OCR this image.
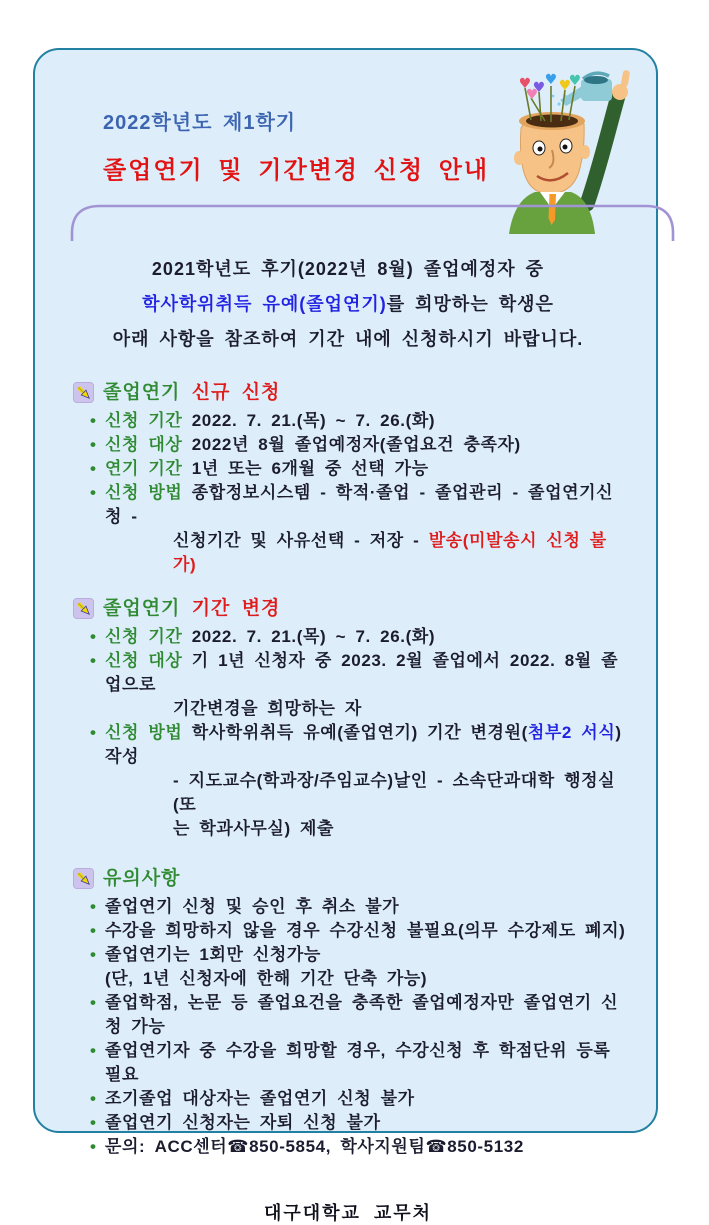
♥ ♥ ♥ ♥
♥
♥
2022학년도 제1학기
졸업연기 및 기간변경 신청 안내
2021학년도 후기(2022년 8월) 졸업예정자 중
학사학위취득 유예(졸업연기)를 희망하는 학생은
아래 사항을 참조하여 기간 내에 신청하시기 바랍니다.
졸업연기 신규 신청
• 신청 기간 2022. 7. 21.(목) ~ 7. 26.(화)
• 신청 대상 2022년 8월 졸업예정자(졸업요건 충족자)
• 연기 기간 1년 또는 6개월 중 선택 가능
• 신청 방법 종합정보시스템 - 학적·졸업 - 졸업관리 - 졸업연기신청 -
신청기간 및 사유선택 - 저장 - 발송(미발송시 신청 불가)
졸업연기 기간 변경
• 신청 기간 2022. 7. 21.(목) ~ 7. 26.(화)
• 신청 대상 기 1년 신청자 중 2023. 2월 졸업에서 2022. 8월 졸업으로
기간변경을 희망하는 자
• 신청 방법 학사학위취득 유예(졸업연기) 기간 변경원(첨부2 서식)작성
- 지도교수(학과장/주임교수)날인 - 소속단과대학 행정실(또
는 학과사무실) 제출
유의사항
• 졸업연기 신청 및 승인 후 취소 불가
• 수강을 희망하지 않을 경우 수강신청 불필요(의무 수강제도 폐지)
• 졸업연기는 1회만 신청가능
(단, 1년 신청자에 한해 기간 단축 가능)
• 졸업학점, 논문 등 졸업요건을 충족한 졸업예정자만 졸업연기 신청 가능
• 졸업연기자 중 수강을 희망할 경우, 수강신청 후 학점단위 등록 필요
• 조기졸업 대상자는 졸업연기 신청 불가
• 졸업연기 신청자는 자퇴 신청 불가
• 문의: ACC센터☎850-5854, 학사지원팀☎850-5132
대구대학교 교무처
